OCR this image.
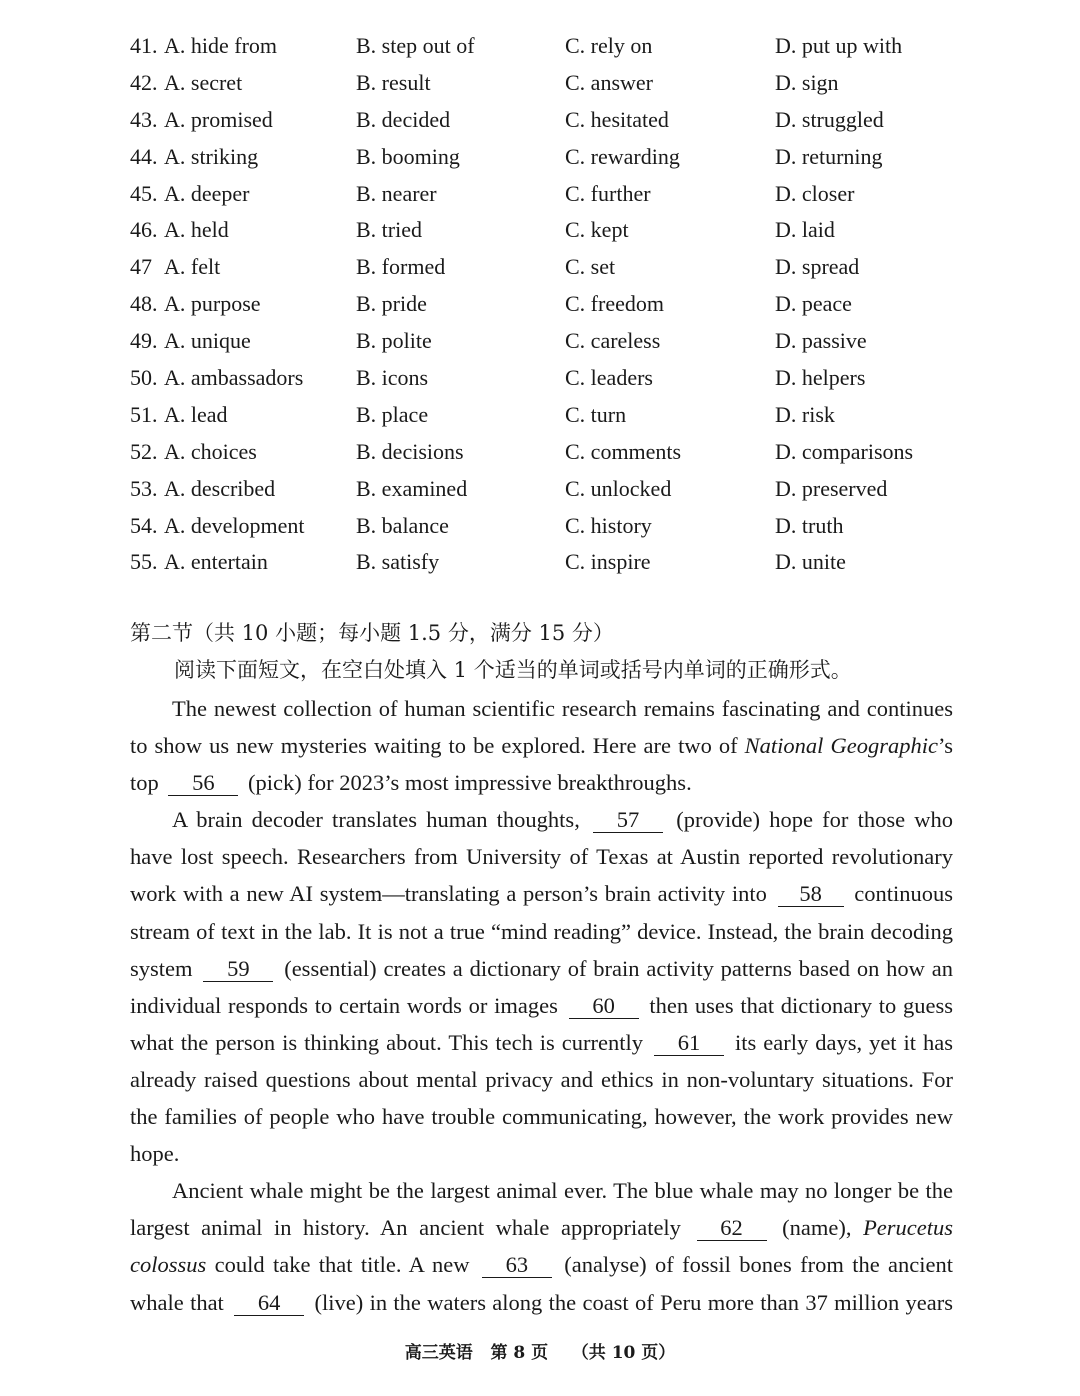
41. A. hide from	B. step out of	C. rely on	D. put up with
42. A. secret	B. result	C. answer	D. sign
43. A. promised	B. decided	C. hesitated	D. struggled
44. A. striking	B. booming	C. rewarding	D. returning
45. A. deeper	B. nearer	C. further	D. closer
46. A. held	B. tried	C. kept	D. laid
47 A. felt	B. formed	C. set	D. spread
48. A. purpose	B. pride	C. freedom	D. peace
49. A. unique	B. polite	C. careless	D. passive
50. A. ambassadors B. icons	C. leaders	D. helpers
51. A. lead	B. place	C. turn	D. risk
52. A. choices	B. decisions	C. comments	D. comparisons
53. A. described	B. examined	C. unlocked	D. preserved
54. A. development B. balance	C. history	D. truth
55. A. entertain	B. satisfy	C. inspire	D. unite
第二节（共 10 小题；每小题 1.5 分，满分 15 分）
阅读下面短文，在空白处填入 1 个适当的单词或括号内单词的正确形式。
The newest collection of human scientific research remains fascinating and continues
to show us new mysteries waiting to be explored. Here are two of National Geographic’s
top 56 (pick) for 2023’s most impressive breakthroughs.
A brain decoder translates human thoughts, 57 (provide) hope for those who
have lost speech. Researchers from University of Texas at Austin reported revolutionary
work with a new AI system—translating a person’s brain activity into 58 continuous
stream of text in the lab. It is not a true “mind reading” device. Instead, the brain decoding
system 59 (essential) creates a dictionary of brain activity patterns based on how an
individual responds to certain words or images 60 then uses that dictionary to guess
what the person is thinking about. This tech is currently 61 its early days, yet it has
already raised questions about mental privacy and ethics in non-voluntary situations. For
the families of people who have trouble communicating, however, the work provides new
hope.
Ancient whale might be the largest animal ever. The blue whale may no longer be the
largest animal in history. An ancient whale appropriately 62 (name), Perucetus
colossus could take that title. A new 63 (analyse) of fossil bones from the ancient
whale that 64 (live) in the waters along the coast of Peru more than 37 million years
高三英语   第 8 页    （共 10 页）
